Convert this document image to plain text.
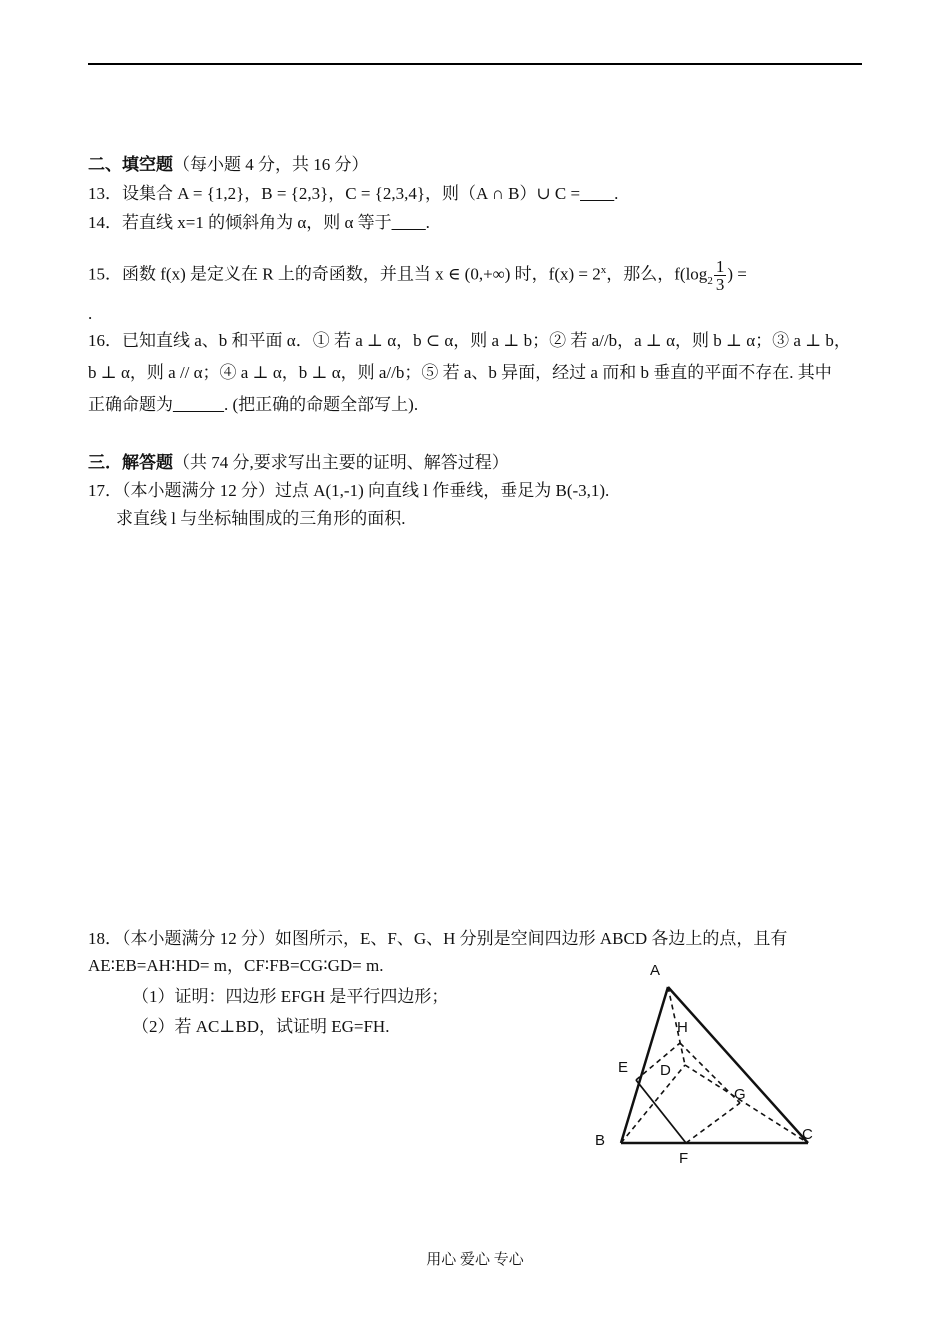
二、填空题（每小题 4 分，共 16 分）
13．设集合 A = {1,2}，B = {2,3}，C = {2,3,4}，则（A ∩ B）∪ C =____.
14．若直线 x=1 的倾斜角为 α，则 α 等于____.
15．函数 f(x) 是定义在 R 上的奇函数，并且当 x ∈ (0,+∞) 时，$f(x) = 2^x$，那么，$f(\log_2 \frac{1}{3}$ ) =
.
16．已知直线 a、b 和平面 α．① 若 a ⊥ α，b ⊂ α，则 a ⊥ b；② 若 a//b，a ⊥ α，则 b ⊥ α；③ a ⊥ b，
b ⊥ α，则 a // α；④ a ⊥ α，b ⊥ α，则 a//b；⑤ 若 a、b 异面，经过 a 而和 b 垂直的平面不存在. 其中
正确命题为______. (把正确的命题全部写上).
三．解答题（共 74 分,要求写出主要的证明、解答过程）
17．（本小题满分 12 分）过点 A(1,-1) 向直线 l 作垂线，垂足为 B(-3,1).
求直线 l 与坐标轴围成的三角形的面积.
18．（本小题满分 12 分）如图所示，E、F、G、H 分别是空间四边形 ABCD 各边上的点，且有
AE∶EB=AH∶HD= m，CF∶FB=CG∶GD= m.
（1）证明：四边形 EFGH 是平行四边形；
（2）若 AC⊥BD，试证明 EG=FH.
A
B	C
D
E
F
G
H
用心 爱心 专心
